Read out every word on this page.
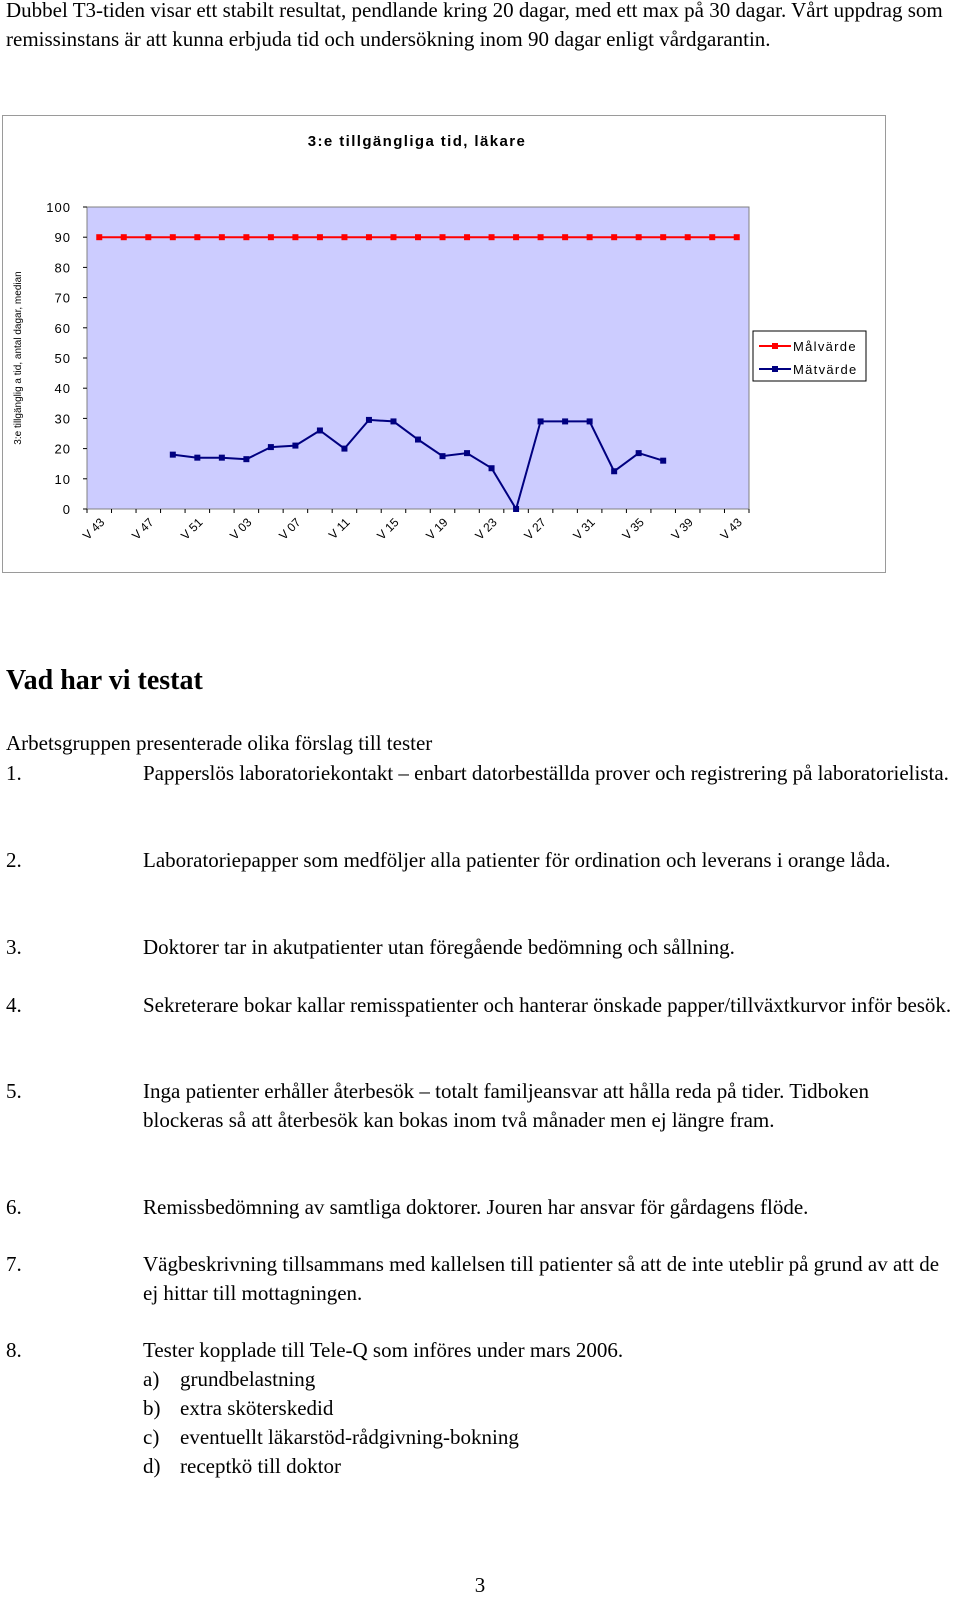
Dubbel T3-tiden visar ett stabilt resultat, pendlande kring 20 dagar, med ett max på 30 dagar. Vårt uppdrag som remissinstans är att kunna erbjuda tid och undersökning inom 90 dagar enligt vårdgarantin.

3:e tillgängliga tid, läkare
3:e tillgänglig a tid, antal dagar, median
0
10
20
30
40
50
60
70
80
90
100
V 43 V 47 V 51 V 03 V 07 V 11 V 15 V 19 V 23 V 27 V 31 V 35 V 39 V 43
Målvärde
Mätvärde
Vad har vi testat

Arbetsgruppen presenterade olika förslag till tester

1.	Papperslös laboratoriekontakt – enbart datorbeställda prover och registrering på laboratorielista.
2.	Laboratoriepapper som medföljer alla patienter för ordination och leverans i orange låda.
3.	Doktorer tar in akutpatienter utan föregående bedömning och sållning.
4.	Sekreterare bokar kallar remisspatienter och hanterar önskade papper/tillväxtkurvor inför besök.
5.	Inga patienter erhåller återbesök – totalt familjeansvar att hålla reda på tider. Tidboken blockeras så att återbesök kan bokas inom två månader men ej längre fram.
6.	Remissbedömning av samtliga doktorer. Jouren har ansvar för gårdagens flöde.
7.	Vägbeskrivning tillsammans med kallelsen till patienter så att de inte uteblir på grund av att de ej hittar till mottagningen.
8.	Tester kopplade till Tele-Q som införes under mars 2006.
a) grundbelastning
b) extra sköterskedid
c) eventuellt läkarstöd-rådgivning-bokning
d) receptkö till doktor
3
